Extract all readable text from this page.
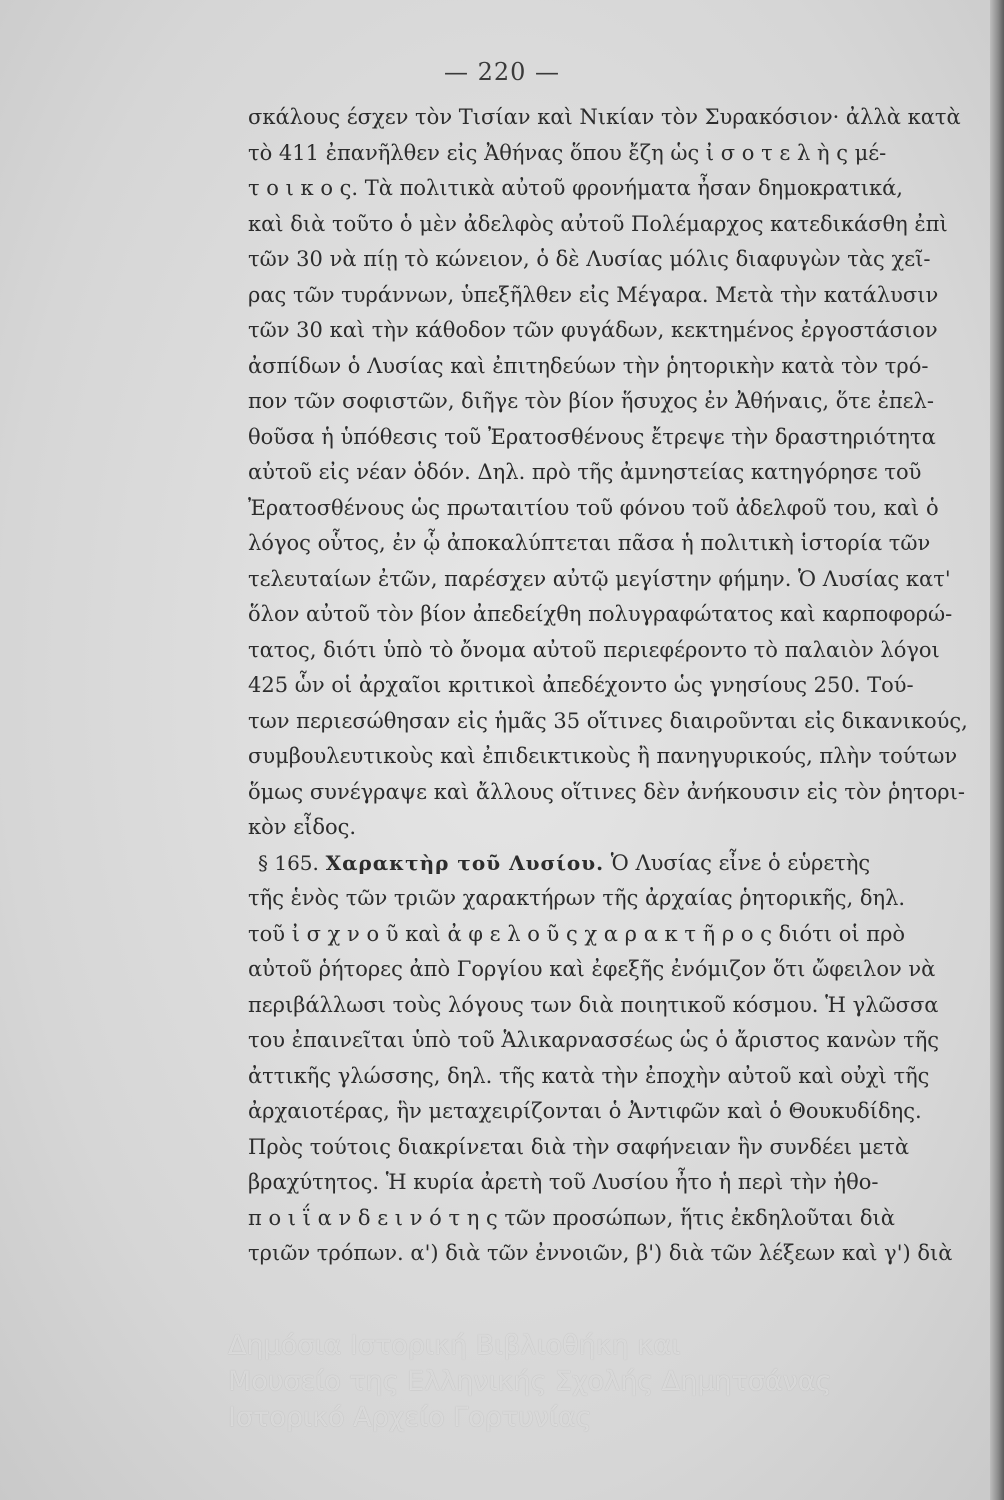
— 220 —
σκάλους έσχεν τὸν Τισίαν καὶ Νικίαν τὸν Συρακόσιον· ἀλλὰ κατὰ
τὸ 411 ἐπανῆλθεν εἰς Ἀθήνας ὅπου ἔζη ὡς ἰ σ ο τ ε λ ὴ ς μέ-
τ ο ι κ ο ς. Τὰ πολιτικὰ αὐτοῦ φρονήματα ἦσαν δημοκρατικά,
καὶ διὰ τοῦτο ὁ μὲν ἀδελφὸς αὐτοῦ Πολέμαρχος κατεδικάσθη ἐπὶ
τῶν 30 νὰ πίῃ τὸ κώνειον, ὁ δὲ Λυσίας μόλις διαφυγὼν τὰς χεῖ-
ρας τῶν τυράννων, ὑπεξῆλθεν εἰς Μέγαρα. Μετὰ τὴν κατάλυσιν
τῶν 30 καὶ τὴν κάθοδον τῶν φυγάδων, κεκτημένος ἐργοστάσιον
ἀσπίδων ὁ Λυσίας καὶ ἐπιτηδεύων τὴν ῥητορικὴν κατὰ τὸν τρό-
πον τῶν σοφιστῶν, διῆγε τὸν βίον ἥσυχος ἐν Ἀθήναις, ὅτε ἐπελ-
θοῦσα ἡ ὑπόθεσις τοῦ Ἐρατοσθένους ἔτρεψε τὴν δραστηριότητα
αὐτοῦ εἰς νέαν ὁδόν. Δηλ. πρὸ τῆς ἀμνηστείας κατηγόρησε τοῦ
Ἐρατοσθένους ὡς πρωταιτίου τοῦ φόνου τοῦ ἀδελφοῦ του, καὶ ὁ
λόγος οὗτος, ἐν ᾧ ἀποκαλύπτεται πᾶσα ἡ πολιτικὴ ἱστορία τῶν
τελευταίων ἐτῶν, παρέσχεν αὐτῷ μεγίστην φήμην. Ὁ Λυσίας κατ'
ὅλον αὐτοῦ τὸν βίον ἀπεδείχθη πολυγραφώτατος καὶ καρποφορώ-
τατος, διότι ὑπὸ τὸ ὄνομα αὐτοῦ περιεφέροντο τὸ παλαιὸν λόγοι
425 ὧν οἱ ἀρχαῖοι κριτικοὶ ἀπεδέχοντο ὡς γνησίους 250. Τού-
των περιεσώθησαν εἰς ἡμᾶς 35 οἵτινες διαιροῦνται εἰς δικανικούς,
συμβουλευτικοὺς καὶ ἐπιδεικτικοὺς ἢ πανηγυρικούς, πλὴν τούτων
ὅμως συνέγραψε καὶ ἄλλους οἵτινες δὲν ἀνήκουσιν εἰς τὸν ῥητορι-
κὸν εἶδος.
§ 165. Χαρακτὴρ τοῦ Λυσίου. Ὁ Λυσίας εἶνε ὁ εὑρετὴς
τῆς ἑνὸς τῶν τριῶν χαρακτήρων τῆς ἀρχαίας ῥητορικῆς, δηλ.
τοῦ ἰ σ χ ν ο ῦ καὶ ἀ φ ε λ ο ῦ ς χ α ρ α κ τ ῆ ρ ο ς διότι οἱ πρὸ
αὐτοῦ ῥήτορες ἀπὸ Γοργίου καὶ ἐφεξῆς ἐνόμιζον ὅτι ὤφειλον νὰ
περιβάλλωσι τοὺς λόγους των διὰ ποιητικοῦ κόσμου. Ἡ γλῶσσα
του ἐπαινεῖται ὑπὸ τοῦ Ἁλικαρνασσέως ὡς ὁ ἄριστος κανὼν τῆς
ἀττικῆς γλώσσης, δηλ. τῆς κατὰ τὴν ἐποχὴν αὐτοῦ καὶ οὐχὶ τῆς
ἀρχαιοτέρας, ἣν μεταχειρίζονται ὁ Ἀντιφῶν καὶ ὁ Θουκυδίδης.
Πρὸς τούτοις διακρίνεται διὰ τὴν σαφήνειαν ἣν συνδέει μετὰ
βραχύτητος. Ἡ κυρία ἀρετὴ τοῦ Λυσίου ἦτο ἡ περὶ τὴν ἠθο-
π ο ι ΐ α ν δ ε ι ν ό τ η ς τῶν προσώπων, ἥτις ἐκδηλοῦται διὰ
τριῶν τρόπων. α') διὰ τῶν ἐννοιῶν, β') διὰ τῶν λέξεων καὶ γ') διὰ
Δημόσια Ιστορική Βιβλιοθήκη και
Μουσείο της Ελληνικής Σχολής Δημητσάνας
Ιστορικό Αρχείο Γορτυνίας
